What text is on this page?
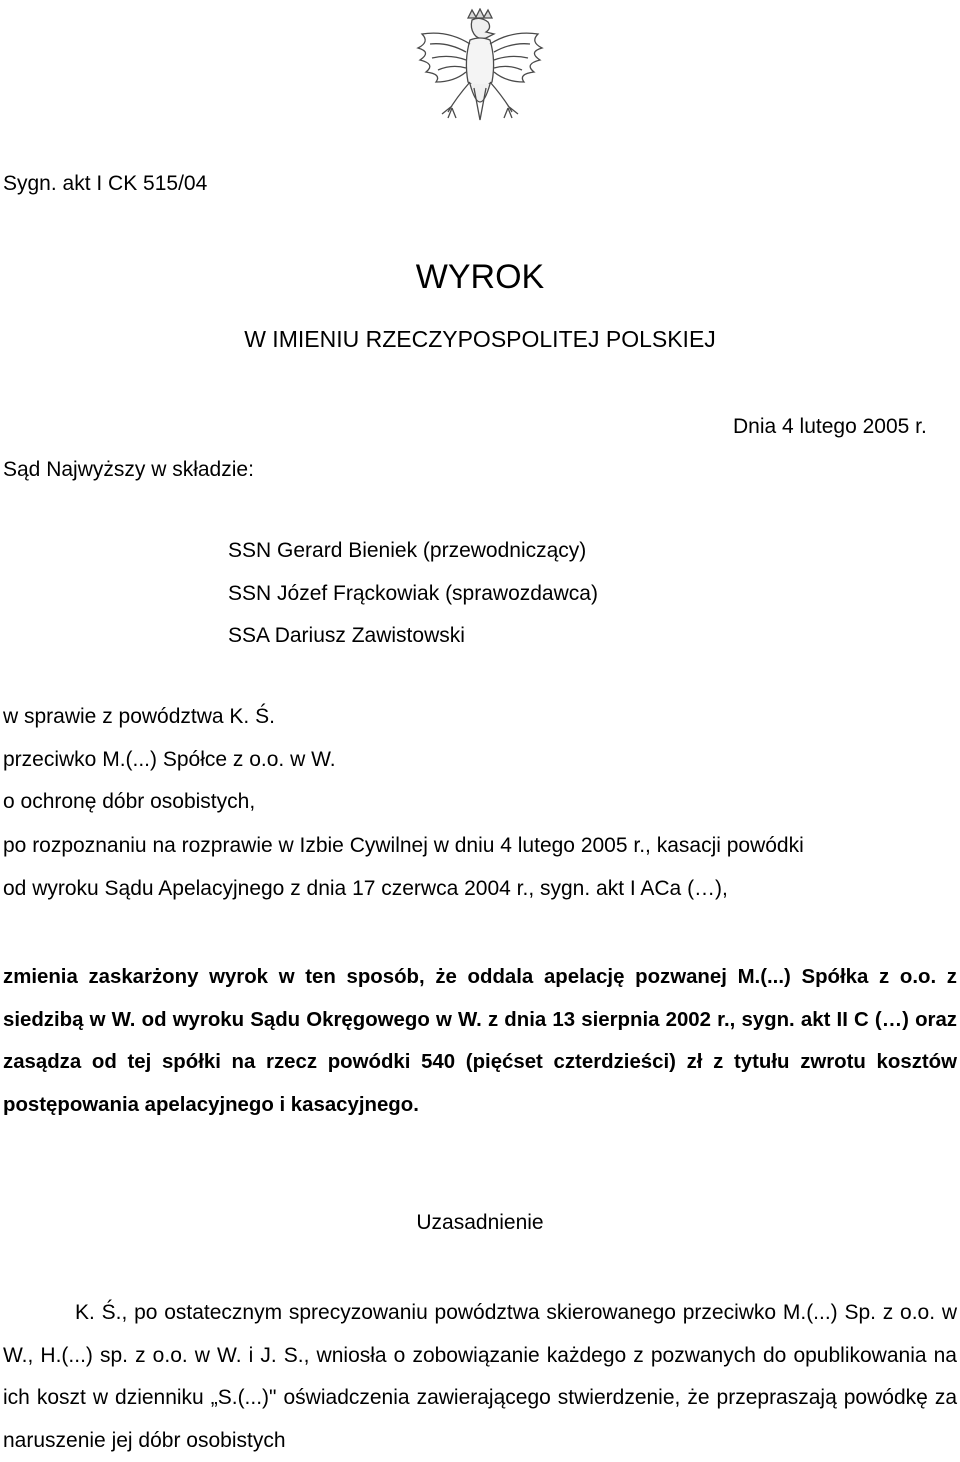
Sygn. akt I CK 515/04
WYROK
W IMIENIU RZECZYPOSPOLITEJ POLSKIEJ
Dnia 4 lutego 2005 r.
Sąd Najwyższy w składzie:
SSN Gerard Bieniek (przewodniczący)
SSN Józef Frąckowiak (sprawozdawca)
SSA Dariusz Zawistowski
w sprawie z powództwa K. Ś.
przeciwko M.(...) Spółce z o.o. w W.
o ochronę dóbr osobistych,
po rozpoznaniu na rozprawie w Izbie Cywilnej w dniu 4 lutego 2005 r., kasacji powódki
od wyroku Sądu Apelacyjnego z dnia 17 czerwca 2004 r., sygn. akt I ACa (…),
zmienia zaskarżony wyrok w ten sposób, że oddala apelację pozwanej M.(...) Spółka z o.o. z siedzibą w W. od wyroku Sądu Okręgowego w W. z dnia 13 sierpnia 2002 r., sygn. akt II C (…) oraz zasądza od tej spółki na rzecz powódki 540 (pięćset czterdzieści) zł z tytułu zwrotu kosztów postępowania apelacyjnego i kasacyjnego.
Uzasadnienie
K. Ś., po ostatecznym sprecyzowaniu powództwa skierowanego przeciwko M.(...) Sp. z o.o. w W., H.(...) sp. z o.o. w W. i J. S., wniosła o zobowiązanie każdego z pozwanych do opublikowania na ich koszt w dzienniku „S.(...)" oświadczenia zawierającego stwierdzenie, że przepraszają powódkę za naruszenie jej dóbr osobistych
